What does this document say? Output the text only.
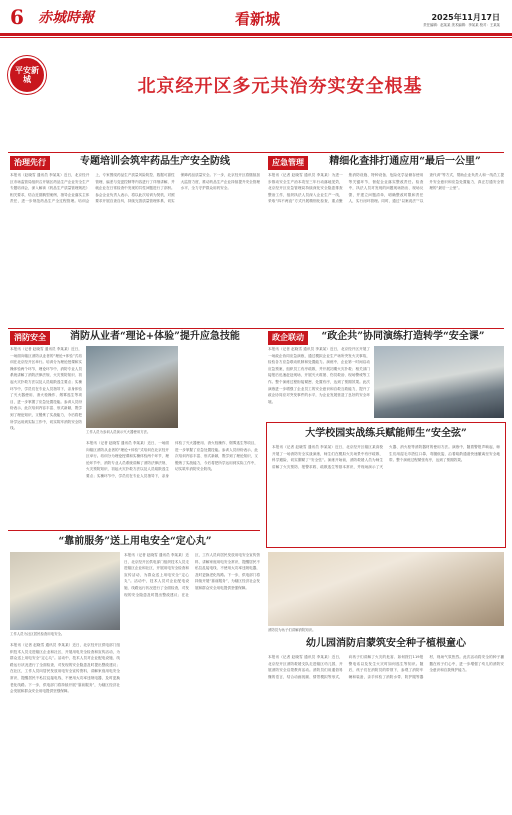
6	赤城時報	看新城	2025年11月17日
责任编辑：赵某某 美术编辑：李某某 校对：王某某
平安新城	北京经开区多元共治夯实安全根基
治理先行	专题培训会筑牢药品生产安全防线
本报讯（赵晓雪 通讯员 李某某）近日，北京经开区市场监管局组织召开辖区药品生产企业安全生产专题培训会，深入解读《药品生产质量管理规范》相关要求，结合近期典型案例，指导企业落实主体责任，进一步规范药品生产全过程管理。培训会上，专家围绕药品生产质量风险防控、数据可靠性管理、偏差与变更控制等内容进行了详细讲解，并就企业在日常检查中发现的共性问题进行了剖析。参会企业负责人表示，将以此次培训为契机，对照要求开展自查自纠，持续完善质量管理体系，切实保障药品质量安全。下一步，北京经开区将继续加大监管力度，推动药品生产企业持续提升安全管理水平，全力守护群众用药安全。
应急管理	精细化查排打通应用“最后一公里”
本报讯（记者 赵晓雪 通讯员 李某某）为进一步推动安全生产治本攻坚三年行动落地见效，北京经开区应急管理局持续深化安全隐患排查整治工作，组织执法人员深入企业生产一线，采取“四不两直”方式开展精细化检查，重点聚焦消防设施、特种设备、危险化学品储存使用等关键环节，督促企业落实整改责任。检查中，执法人员对发现的问题现场指出、现场反馈，并建立问题清单，明确整改时限和责任人，实行闭环管理。同时，通过“以案说法”“以查代训”等方式，帮助企业负责人和一线员工提升安全意识和应急处置能力，真正打通安全管理的“最后一公里”。
消防安全	消防从业者“理论+体验”提升应急技能
本报讯（记者 赵晓雪 通讯员 李某某）近日，一场面向辖区消防从业者的“理论+体验”式培训在北京经开区举行。培训分为理论授课和实操体验两个环节，理论环节中，消防专业人员系统讲解了消防法律法规、火灾预防知识、初起火灾扑救方法以及人员疏散逃生要点；实操环节中，学员们在专业人员指导下，亲身体验了灭火器使用、消火栓操作、烟雾逃生等项目，进一步掌握了应急处置技能。参训人员纷纷表示，此次培训内容丰富、形式新颖，既学到了理论知识，又锻炼了实战能力，今后将把所学运用到实际工作中，切实筑牢消防安全防线。
工作人员为参训人员演示灭火器使用方法。
本报讯（记者 赵晓雪 通讯员 李某某）近日，一场面向辖区消防从业者的“理论+体验”式培训在北京经开区举行。培训分为理论授课和实操体验两个环节，理论环节中，消防专业人员系统讲解了消防法律法规、火灾预防知识、初起火灾扑救方法以及人员疏散逃生要点；实操环节中，学员们在专业人员指导下，亲身体验了灭火器使用、消火栓操作、烟雾逃生等项目，进一步掌握了应急处置技能。参训人员纷纷表示，此次培训内容丰富、形式新颖，既学到了理论知识，又锻炼了实战能力，今后将把所学运用到实际工作中，切实筑牢消防安全防线。
政企联动	“政企共”协同演练打造转学“安全课”
本报讯（记者 赵晓雪 通讯员 李某某）近日，北京经开区开展了一场政企协同应急演练，通过模拟企业生产场所突发火灾事故，检验各方应急联动机制和处置能力。演练中，企业第一时间启动应急预案，组织员工有序疏散，并开展初期火灾扑救；相关部门接报后迅速赶赴现场，开展灭火救援、伤员救治、现场警戒等工作。整个演练过程衔接紧密、处置有序，达到了预期效果。此次演练进一步增强了企业员工的安全意识和自救互救能力，提升了政企协同应对突发事件的水平，为企业发展营造了良好的安全环境。
大学校园实战练兵赋能师生“安全弦”
本报讯（记者 赵晓雪 通讯员 李某某）近日，北京经开区辖区某高校开展了一场消防安全实战演练，师生们在模拟火灾场景中有序疏散、科学避险，切实绷紧了“安全弦”。演练开始前，消防救援人员为师生讲解了火灾预防、报警求救、疏散逃生等基本常识，并现场演示了灭火器、消火栓等消防器材的使用方法。演练中，随着警报声响起，师生们用湿毛巾捂住口鼻，弯腰低姿，沿着疏散通道快速撤离至安全地带。整个演练过程紧张有序，达到了预期效果。
“靠前服务”送上用电安全“定心丸”
工作人员为社区居民检查用电安全。
本报讯（记者 赵晓雪 通讯员 李某某）近日，北京经开区供电部门组织技术人员走进辖区企业和社区，开展用电安全检查和宣传活动，为群众送上用电安全“定心丸”。活动中，技术人员对企业配电设施、线路运行状况进行了全面检查，对发现的安全隐患及时提出整改建议；在社区，工作人员向居民发放用电安全宣传资料，讲解家庭用电安全常识，提醒居民不私拉乱接电线、不使用大功率违规电器，及时更换老化线路。下一步，供电部门将持续开展“靠前服务”，为辖区经济社会发展和群众安全用电提供坚强保障。
本报讯（记者 赵晓雪 通讯员 李某某）近日，北京经开区供电部门组织技术人员走进辖区企业和社区，开展用电安全检查和宣传活动，为群众送上用电安全“定心丸”。活动中，技术人员对企业配电设施、线路运行状况进行了全面检查，对发现的安全隐患及时提出整改建议；在社区，工作人员向居民发放用电安全宣传资料，讲解家庭用电安全常识，提醒居民不私拉乱接电线、不使用大功率违规电器，及时更换老化线路。下一步，供电部门将持续开展“靠前服务”，为辖区经济社会发展和群众安全用电提供坚强保障。
消防员为孩子们讲解消防知识。
幼儿园消防启蒙筑安全种子植根童心
本报讯（记者 赵晓雪 通讯员 李某某）近日，北京经开区消防救援支队走进辖区幼儿园，开展消防安全启蒙教育活动。消防员们用通俗易懂的语言，结合动画视频、情景模拟等形式，向孩子们讲解了火灾的危害、如何拨打119报警电话以及发生火灾时如何逃生等知识。随后，孩子们在消防员的带领下，参观了消防车辆和装备，亲手体验了消防水带、防护服等器材，现场气氛热烈。此次活动将安全的种子播撒在孩子们心中，进一步增强了幼儿的消防安全意识和自我保护能力。
